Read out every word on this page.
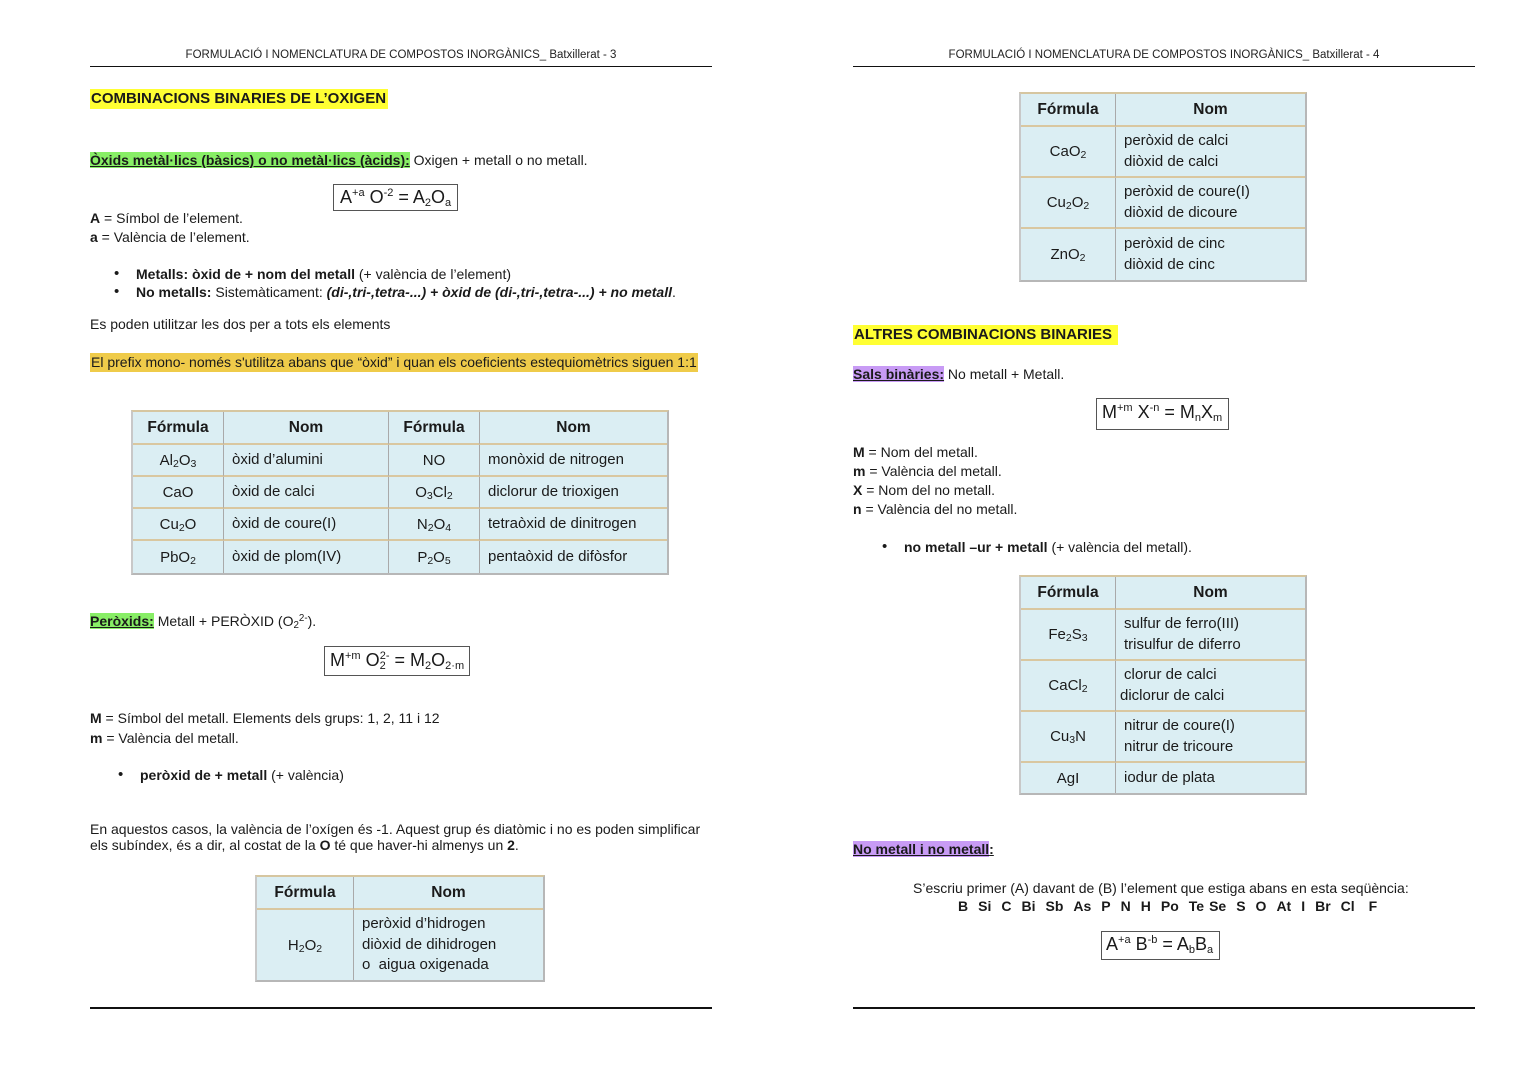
FORMULACIÓ I NOMENCLATURA DE COMPOSTOS INORGÀNICS_ Batxillerat - 3
COMBINACIONS BINARIES DE L’OXIGEN
Òxids metàl·lics (bàsics) o no metàl·lics (àcids): Oxigen + metall o no metall.
$A^{+a}$ $O^{-2} = A_2O_a$
A = Símbol de l’element.
a = València de l’element.
• Metalls: òxid de + nom del metall (+ valència de l’element)
• No metalls: Sistemàticament: (di-,tri-,tetra-...) + òxid de (di-,tri-,tetra-...) + no metall.
Es poden utilitzar les dos per a tots els elements
El prefix mono- només s'utilitza abans que “òxid” i quan els coeficients estequiomètrics siguen 1:1
Fórmula	Nom	Fórmula	Nom
$Al_2O_3$	òxid d’alumini	NO	monòxid de nitrogen
CaO	òxid de calci	$O_3Cl_2$	diclorur de trioxigen
$Cu_2O$	òxid de coure(I)	$N_2O_4$	tetraòxid de dinitrogen
PbO$_2$	òxid de plom(IV)	$P_2O_5$	pentaòxid de difòsfor
Peròxids: Metall + PERÒXID $(O_2^{2-})$.
$M^{+m}$ $O_2^{2-} = M_2O_{2\cdot m}$
M = Símbol del metall. Elements dels grups: 1, 2, 11 i 12
m = València del metall.
• peròxid de + metall (+ valència)
En aquestos casos, la valència de l’oxígen és -1. Aquest grup és diatòmic i no es poden simplificar
els subíndex, és a dir, al costat de la O té que haver-hi almenys un 2.
Fórmula	Nom
$H_2O_2$	peròxid d’hidrogen
diòxid de dihidrogen
o  aigua oxigenada
FORMULACIÓ I NOMENCLATURA DE COMPOSTOS INORGÀNICS_ Batxillerat - 4
Fórmula	Nom
CaO$_2$	peròxid de calci
diòxid de calci

$Cu_2O_2$	peròxid de coure(I)
diòxid de dicoure

ZnO$_2$	peròxid de cinc
diòxid de cinc
ALTRES COMBINACIONS BINARIES
Sals binàries: No metall + Metall.
$M^{+m}$ $X^{-n} = M_nX_m$
M = Nom del metall.
m = València del metall.
X = Nom del no metall.
n = València del no metall.
• no metall –ur + metall (+ valència del metall).
Fórmula	Nom
$Fe_2S_3$	sulfur de ferro(III)
trisulfur de diferro

CaCl$_2$	clorur de calci
diclorur de calci

$Cu_3N$	nitrur de coure(I)
nitrur de tricoure

AgI	iodur de plata
No metall i no metall:
S’escriu primer (A) davant de (B) l’element que estiga abans en esta seqüència:
B Si C Bi Sb As P N H Po Te Se S O At I Br Cl F
$A^{+a}$ $B^{-b} = A_bB_a$
